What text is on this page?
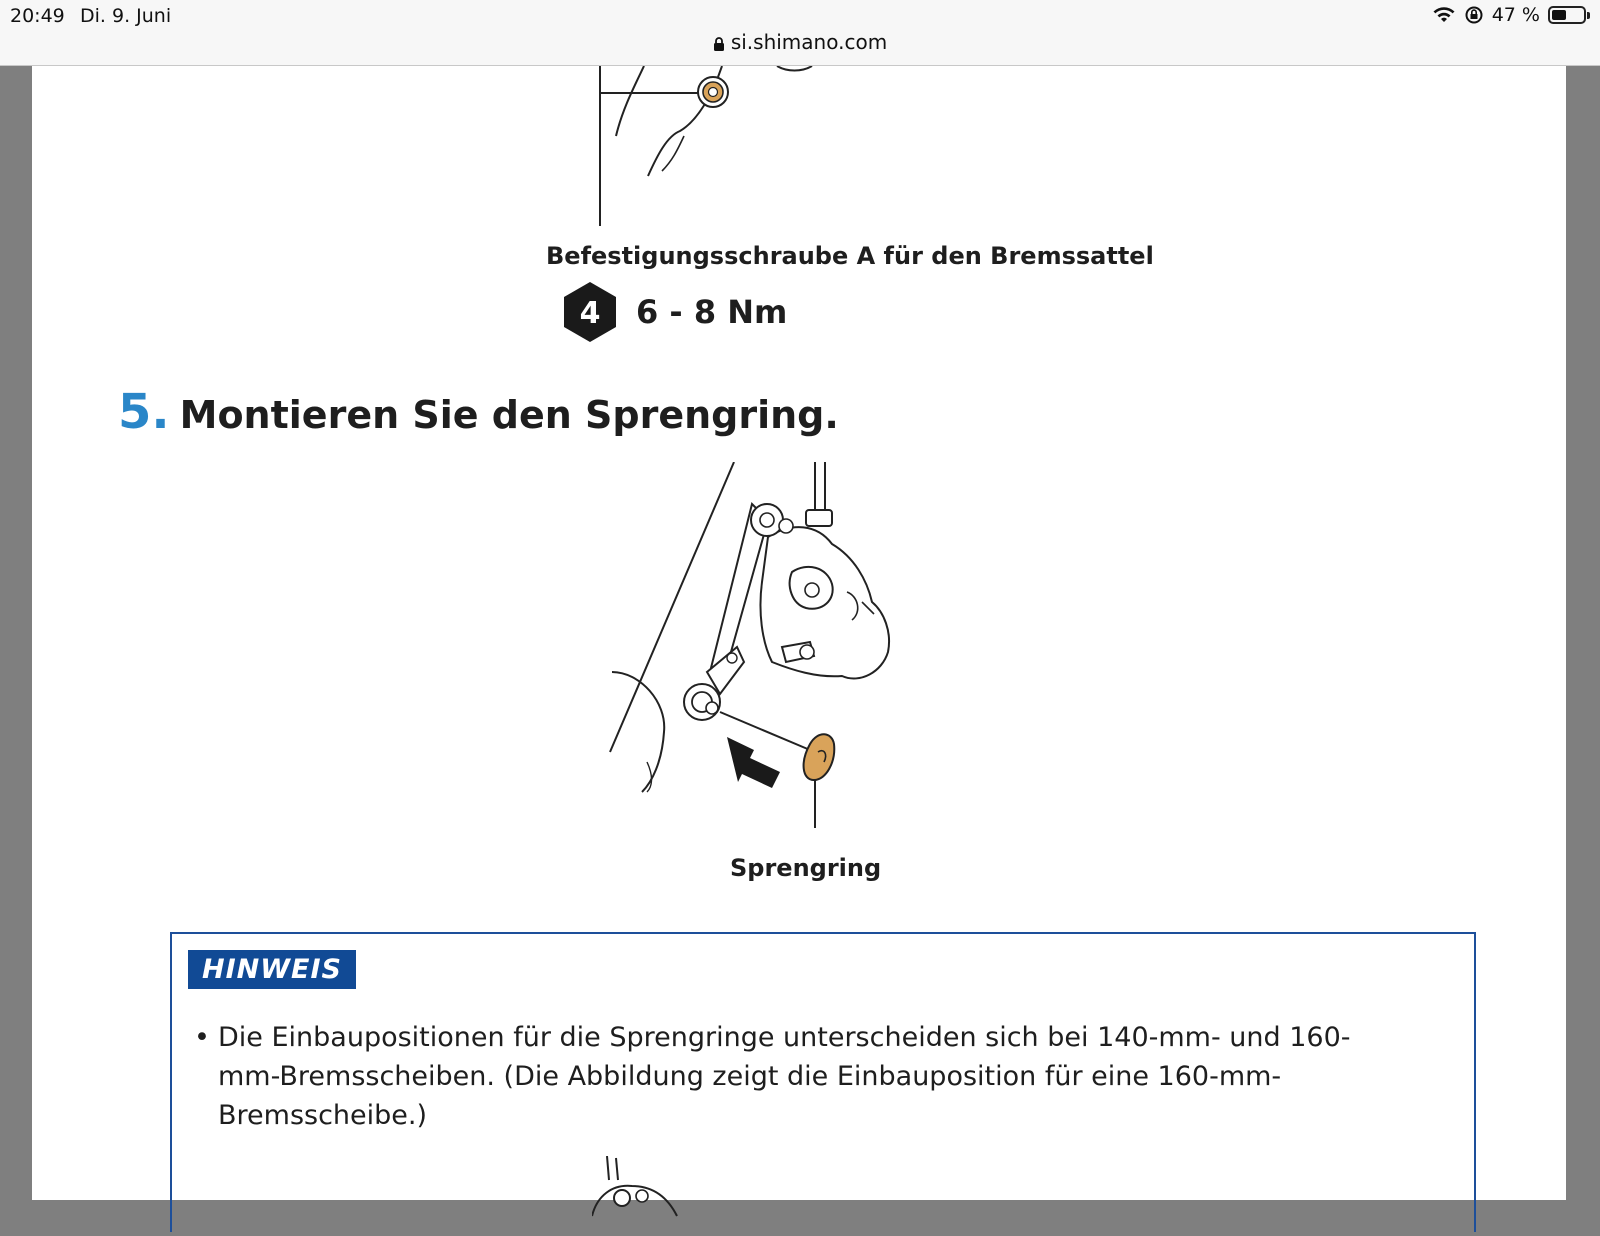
20:49 Di. 9. Juni	47 %
si.shimano.com
Befestigungsschraube A für den Bremssattel
4 6 - 8 Nm
5. Montieren Sie den Sprengring.
Sprengring
HINWEIS
• Die Einbaupositionen für die Sprengringe unterscheiden sich bei 140-mm- und 160-mm-Bremsscheiben. (Die Abbildung zeigt die Einbauposition für eine 160-mm-Bremsscheibe.)
